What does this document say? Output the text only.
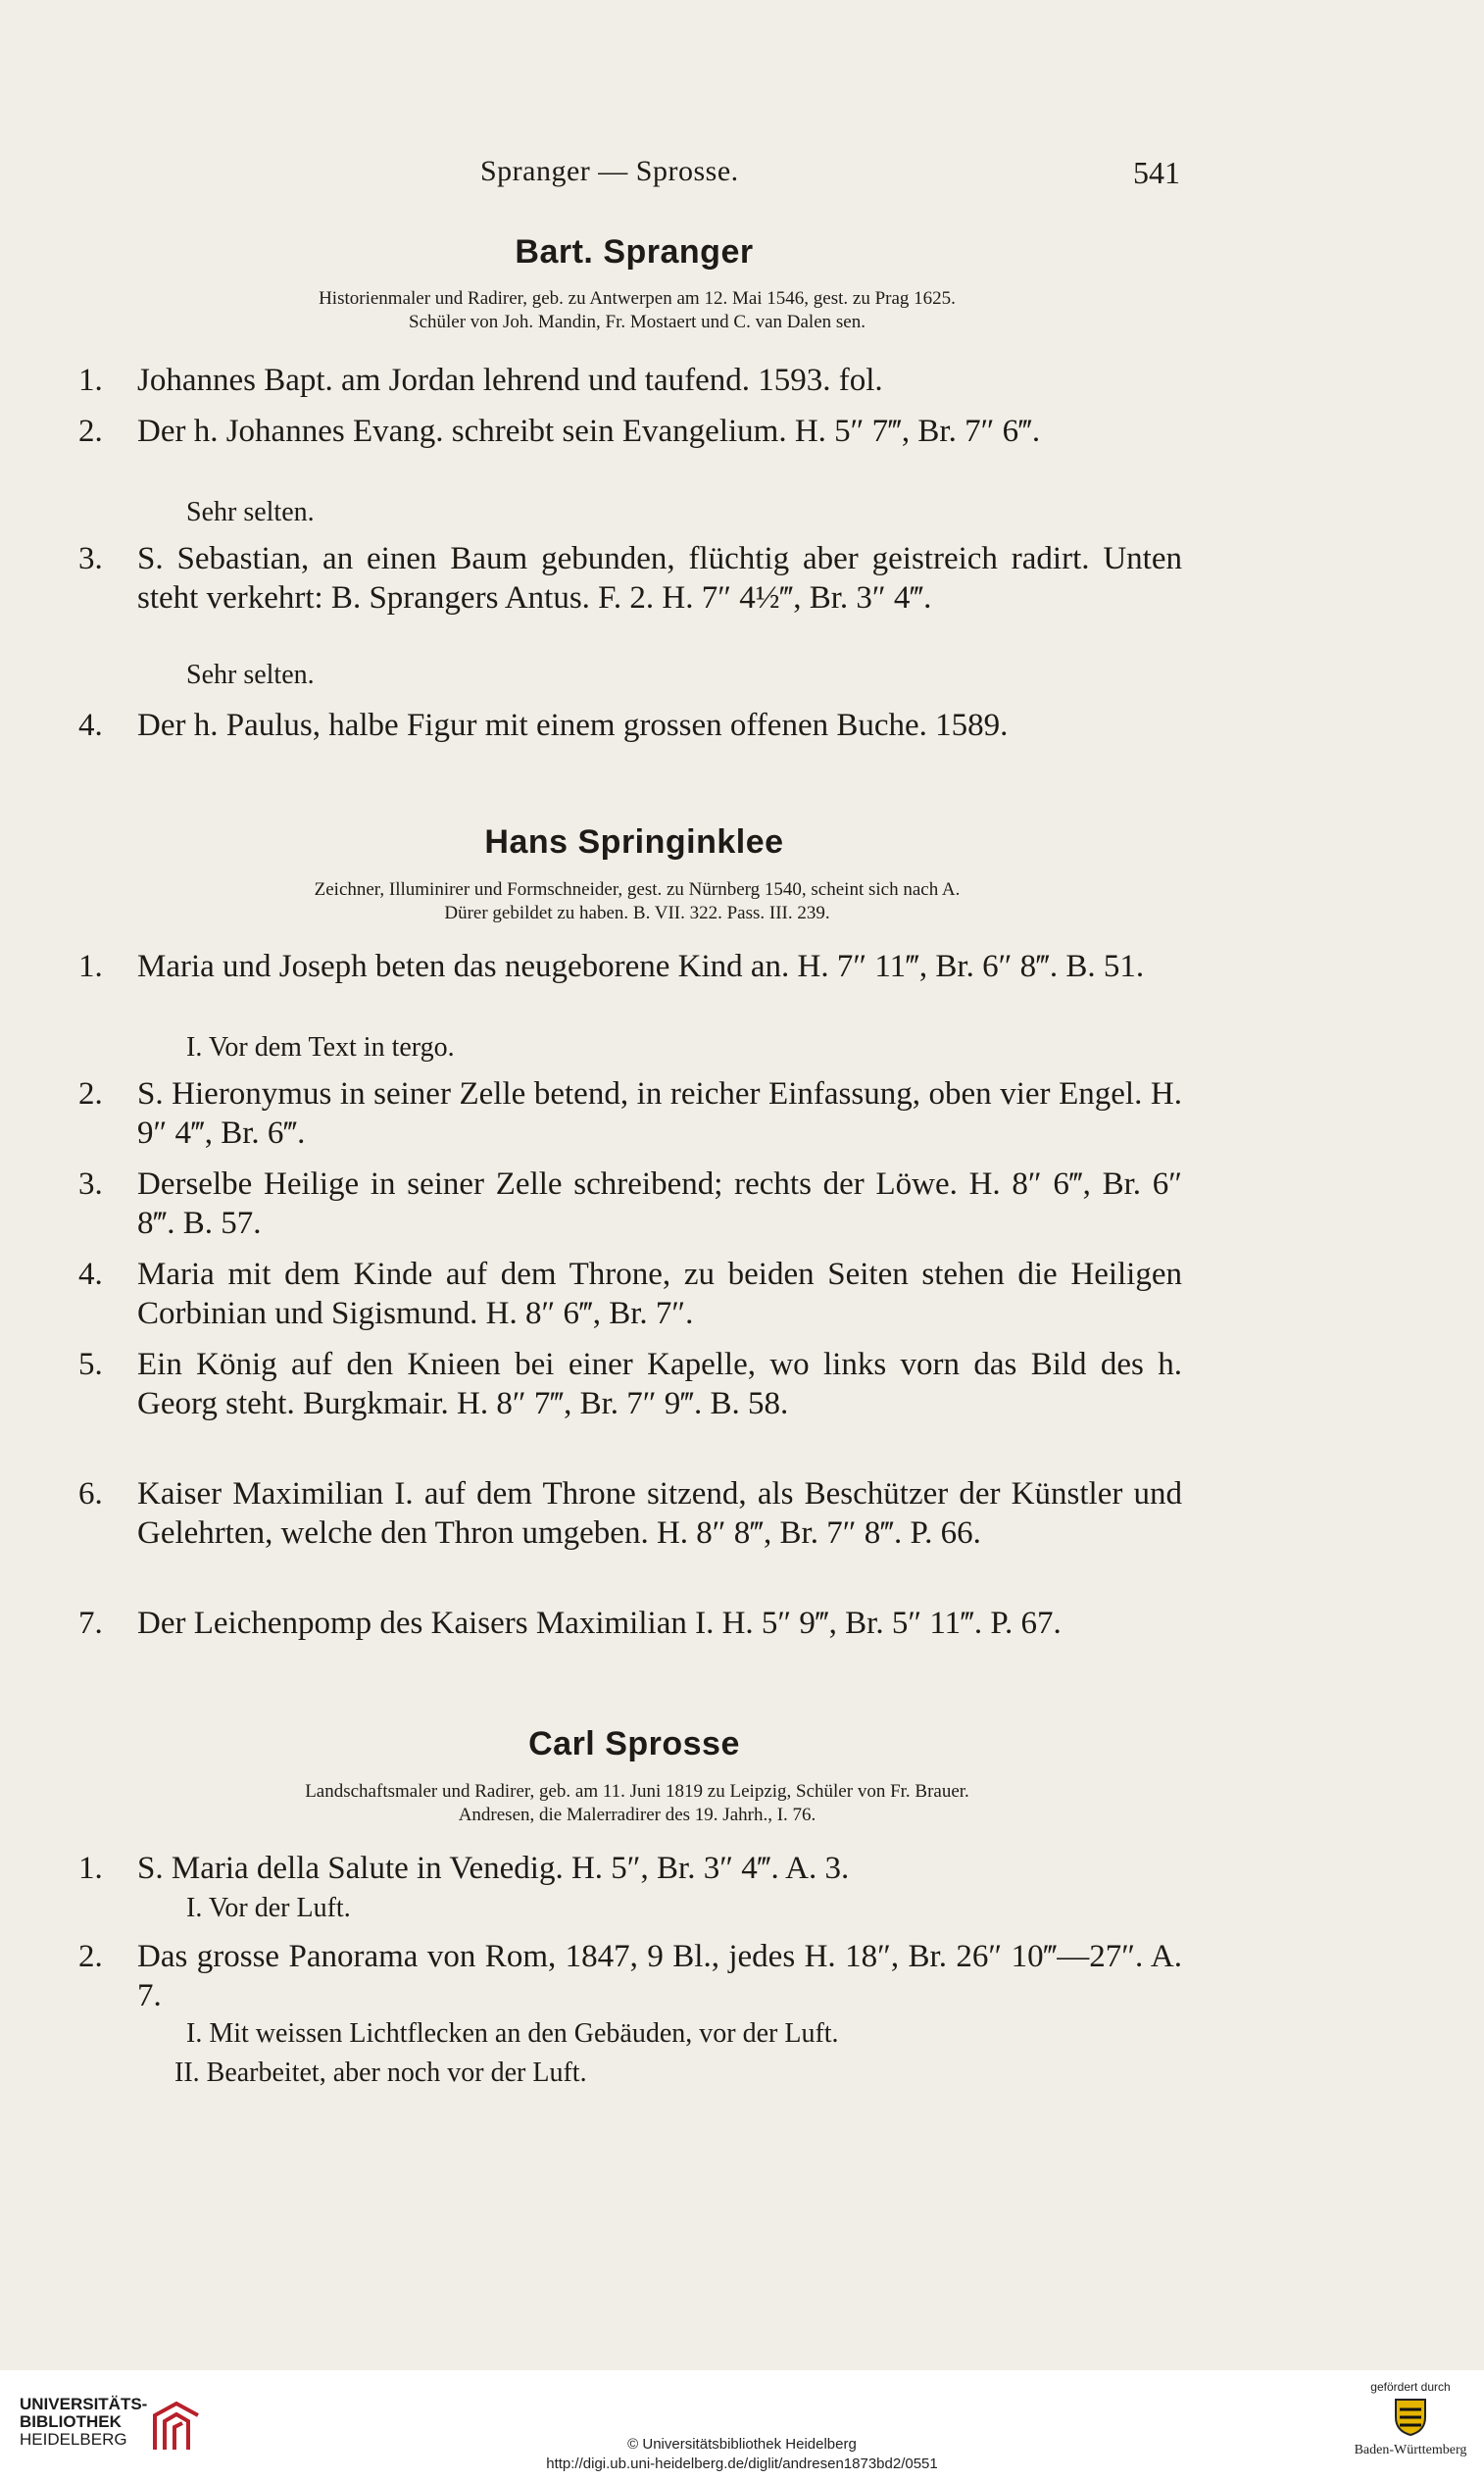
Spranger — Sprosse.	541
Bart. Spranger
Historienmaler und Radirer, geb. zu Antwerpen am 12. Mai 1546, gest. zu Prag 1625.
Schüler von Joh. Mandin, Fr. Mostaert und C. van Dalen sen.
1. Johannes Bapt. am Jordan lehrend und taufend. 1593. fol.
2. Der h. Johannes Evang. schreibt sein Evangelium. H. 5″ 7‴, Br. 7″ 6‴.
Sehr selten.
3. S. Sebastian, an einen Baum gebunden, flüchtig aber geistreich radirt. Unten steht verkehrt: B. Sprangers Antus. F. 2. H. 7″ 4½‴, Br. 3″ 4‴.
Sehr selten.
4. Der h. Paulus, halbe Figur mit einem grossen offenen Buche. 1589.
Hans Springinklee
Zeichner, Illuminirer und Formschneider, gest. zu Nürnberg 1540, scheint sich nach A.
Dürer gebildet zu haben. B. VII. 322. Pass. III. 239.
1. Maria und Joseph beten das neugeborene Kind an. H. 7″ 11‴, Br. 6″ 8‴. B. 51.
I. Vor dem Text in tergo.
2. S. Hieronymus in seiner Zelle betend, in reicher Einfassung, oben vier Engel. H. 9″ 4‴, Br. 6‴.
3. Derselbe Heilige in seiner Zelle schreibend; rechts der Löwe. H. 8″ 6‴, Br. 6″ 8‴. B. 57.
4. Maria mit dem Kinde auf dem Throne, zu beiden Seiten stehen die Heiligen Corbinian und Sigismund. H. 8″ 6‴, Br. 7″.
5. Ein König auf den Knieen bei einer Kapelle, wo links vorn das Bild des h. Georg steht. Burgkmair. H. 8″ 7‴, Br. 7″ 9‴. B. 58.
6. Kaiser Maximilian I. auf dem Throne sitzend, als Beschützer der Künstler und Gelehrten, welche den Thron umgeben. H. 8″ 8‴, Br. 7″ 8‴. P. 66.
7. Der Leichenpomp des Kaisers Maximilian I. H. 5″ 9‴, Br. 5″ 11‴. P. 67.
Carl Sprosse
Landschaftsmaler und Radirer, geb. am 11. Juni 1819 zu Leipzig, Schüler von Fr. Brauer.
Andresen, die Malerradirer des 19. Jahrh., I. 76.
1. S. Maria della Salute in Venedig. H. 5″, Br. 3″ 4‴. A. 3.
I. Vor der Luft.
2. Das grosse Panorama von Rom, 1847, 9 Bl., jedes H. 18″, Br. 26″ 10‴—27″. A. 7.
I. Mit weissen Lichtflecken an den Gebäuden, vor der Luft.
II. Bearbeitet, aber noch vor der Luft.
UNIVERSITÄTS-
BIBLIOTHEK
HEIDELBERG	© Universitätsbibliothek Heidelberg
http://digi.ub.uni-heidelberg.de/diglit/andresen1873bd2/0551
gefördert durch
Baden-Württemberg
